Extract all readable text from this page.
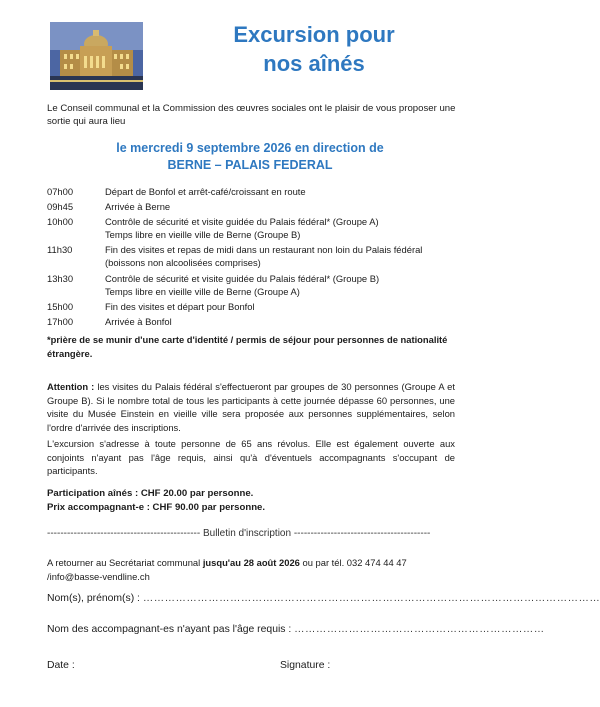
Excursion pour
nos aînés
Le Conseil communal et la Commission des œuvres sociales ont le plaisir de vous proposer une sortie qui aura lieu
le mercredi 9 septembre 2026 en direction de
BERNE – PALAIS FEDERAL
07h00	Départ de Bonfol et arrêt-café/croissant en route
09h45	Arrivée à Berne
10h00	Contrôle de sécurité et visite guidée du Palais fédéral* (Groupe A)
Temps libre en vieille ville de Berne (Groupe B)
11h30	Fin des visites et repas de midi dans un restaurant non loin du Palais fédéral
(boissons non alcoolisées comprises)
13h30	Contrôle de sécurité et visite guidée du Palais fédéral* (Groupe B)
Temps libre en vieille ville de Berne (Groupe A)
15h00	Fin des visites et départ pour Bonfol
17h00	Arrivée à Bonfol
*prière de se munir d'une carte d'identité / permis de séjour pour personnes de nationalité étrangère.
Attention : les visites du Palais fédéral s'effectueront par groupes de 30 personnes (Groupe A et Groupe B). Si le nombre total de tous les participants à cette journée dépasse 60 personnes, une visite du Musée Einstein en vieille ville sera proposée aux personnes supplémentaires, selon l'ordre d'arrivée des inscriptions.
L'excursion s'adresse à toute personne de 65 ans révolus. Elle est également ouverte aux conjoints n'ayant pas l'âge requis, ainsi qu'à d'éventuels accompagnants s'occupant de participants.
Participation aînés : CHF 20.00 par personne.
Prix accompagnant-e : CHF 90.00 par personne.
---------------------------------------------- Bulletin d'inscription -----------------------------------------
A retourner au Secrétariat communal jusqu'au 28 août 2026 ou par tél. 032 474 44 47
/info@basse-vendline.ch
Nom(s), prénom(s) : ………………………………………………………………………………………………………………
Nom des accompagnant-es n'ayant pas l'âge requis : ……………………………………………………………
Date :	Signature :
